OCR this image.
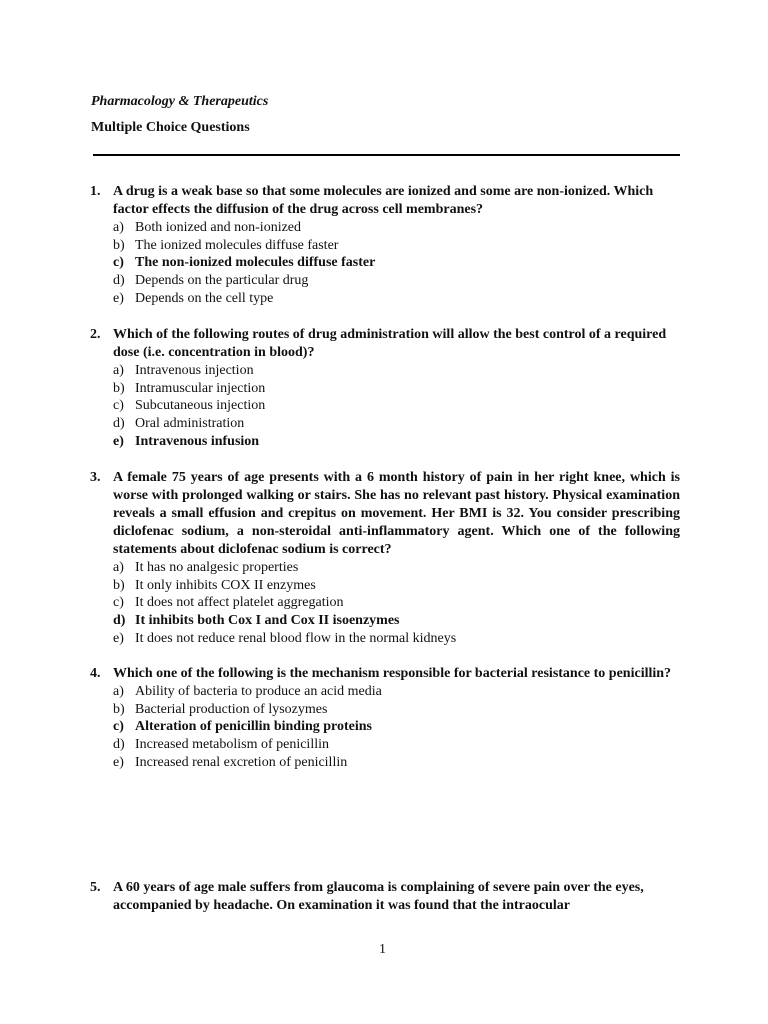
Pharmacology & Therapeutics
Multiple Choice Questions
1. A drug is a weak base so that some molecules are ionized and some are non-ionized. Which factor effects the diffusion of the drug across cell membranes?
a) Both ionized and non-ionized
b) The ionized molecules diffuse faster
c) The non-ionized molecules diffuse faster
d) Depends on the particular drug
e) Depends on the cell type
2. Which of the following routes of drug administration will allow the best control of a required dose (i.e. concentration in blood)?
a) Intravenous injection
b) Intramuscular injection
c) Subcutaneous injection
d) Oral administration
e) Intravenous infusion
3. A female 75 years of age presents with a 6 month history of pain in her right knee, which is worse with prolonged walking or stairs. She has no relevant past history. Physical examination reveals a small effusion and crepitus on movement. Her BMI is 32. You consider prescribing diclofenac sodium, a non-steroidal anti-inflammatory agent. Which one of the following statements about diclofenac sodium is correct?
a) It has no analgesic properties
b) It only inhibits COX II enzymes
c) It does not affect platelet aggregation
d) It inhibits both Cox I and Cox II isoenzymes
e) It does not reduce renal blood flow in the normal kidneys
4. Which one of the following is the mechanism responsible for bacterial resistance to penicillin?
a) Ability of bacteria to produce an acid media
b) Bacterial production of lysozymes
c) Alteration of penicillin binding proteins
d) Increased metabolism of penicillin
e) Increased renal excretion of penicillin
5. A 60 years of age male suffers from glaucoma is complaining of severe pain over the eyes, accompanied by headache. On examination it was found that the intraocular
1
